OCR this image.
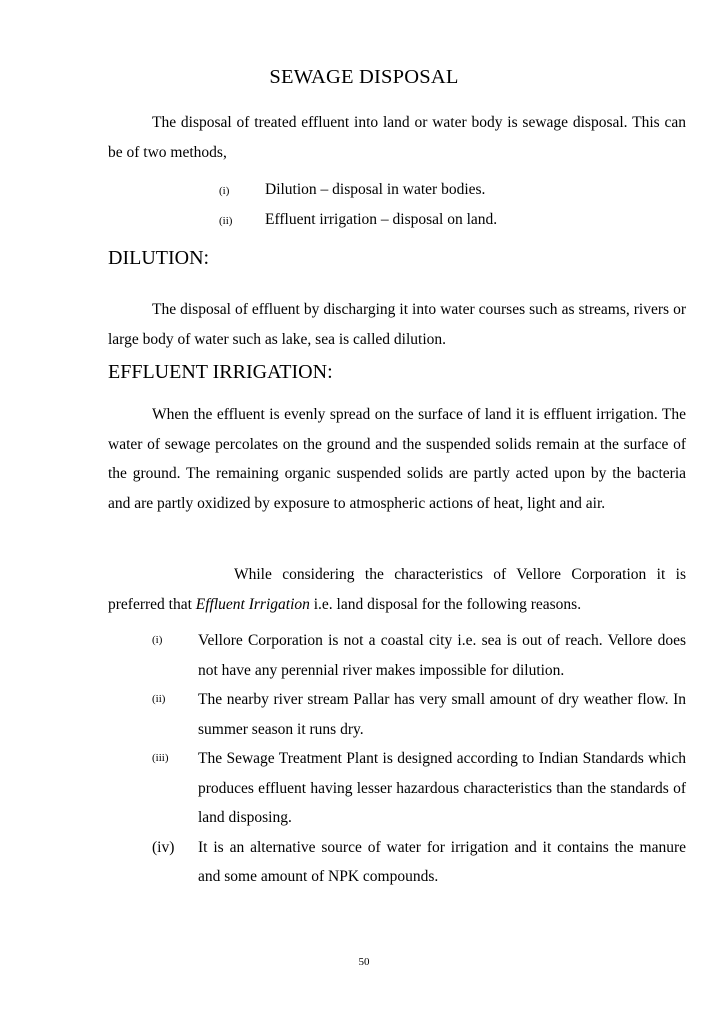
SEWAGE DISPOSAL

The disposal of treated effluent into land or water body is sewage disposal. This can be of two methods,

(i) Dilution – disposal in water bodies.
(ii) Effluent irrigation – disposal on land.
DILUTION:

The disposal of effluent by discharging it into water courses such as streams, rivers or large body of water such as lake, sea is called dilution.

EFFLUENT IRRIGATION:

When the effluent is evenly spread on the surface of land it is effluent irrigation. The water of sewage percolates on the ground and the suspended solids remain at the surface of the ground. The remaining organic suspended solids are partly acted upon by the bacteria and are partly oxidized by exposure to atmospheric actions of heat, light and air.

While considering the characteristics of Vellore Corporation it is preferred that Effluent Irrigation i.e. land disposal for the following reasons.

(i) Vellore Corporation is not a coastal city i.e. sea is out of reach. Vellore does not have any perennial river makes impossible for dilution.
(ii) The nearby river stream Pallar has very small amount of dry weather flow. In summer season it runs dry.
(iii) The Sewage Treatment Plant is designed according to Indian Standards which produces effluent having lesser hazardous characteristics than the standards of land disposing.
(iv) It is an alternative source of water for irrigation and it contains the manure and some amount of NPK compounds.
50
